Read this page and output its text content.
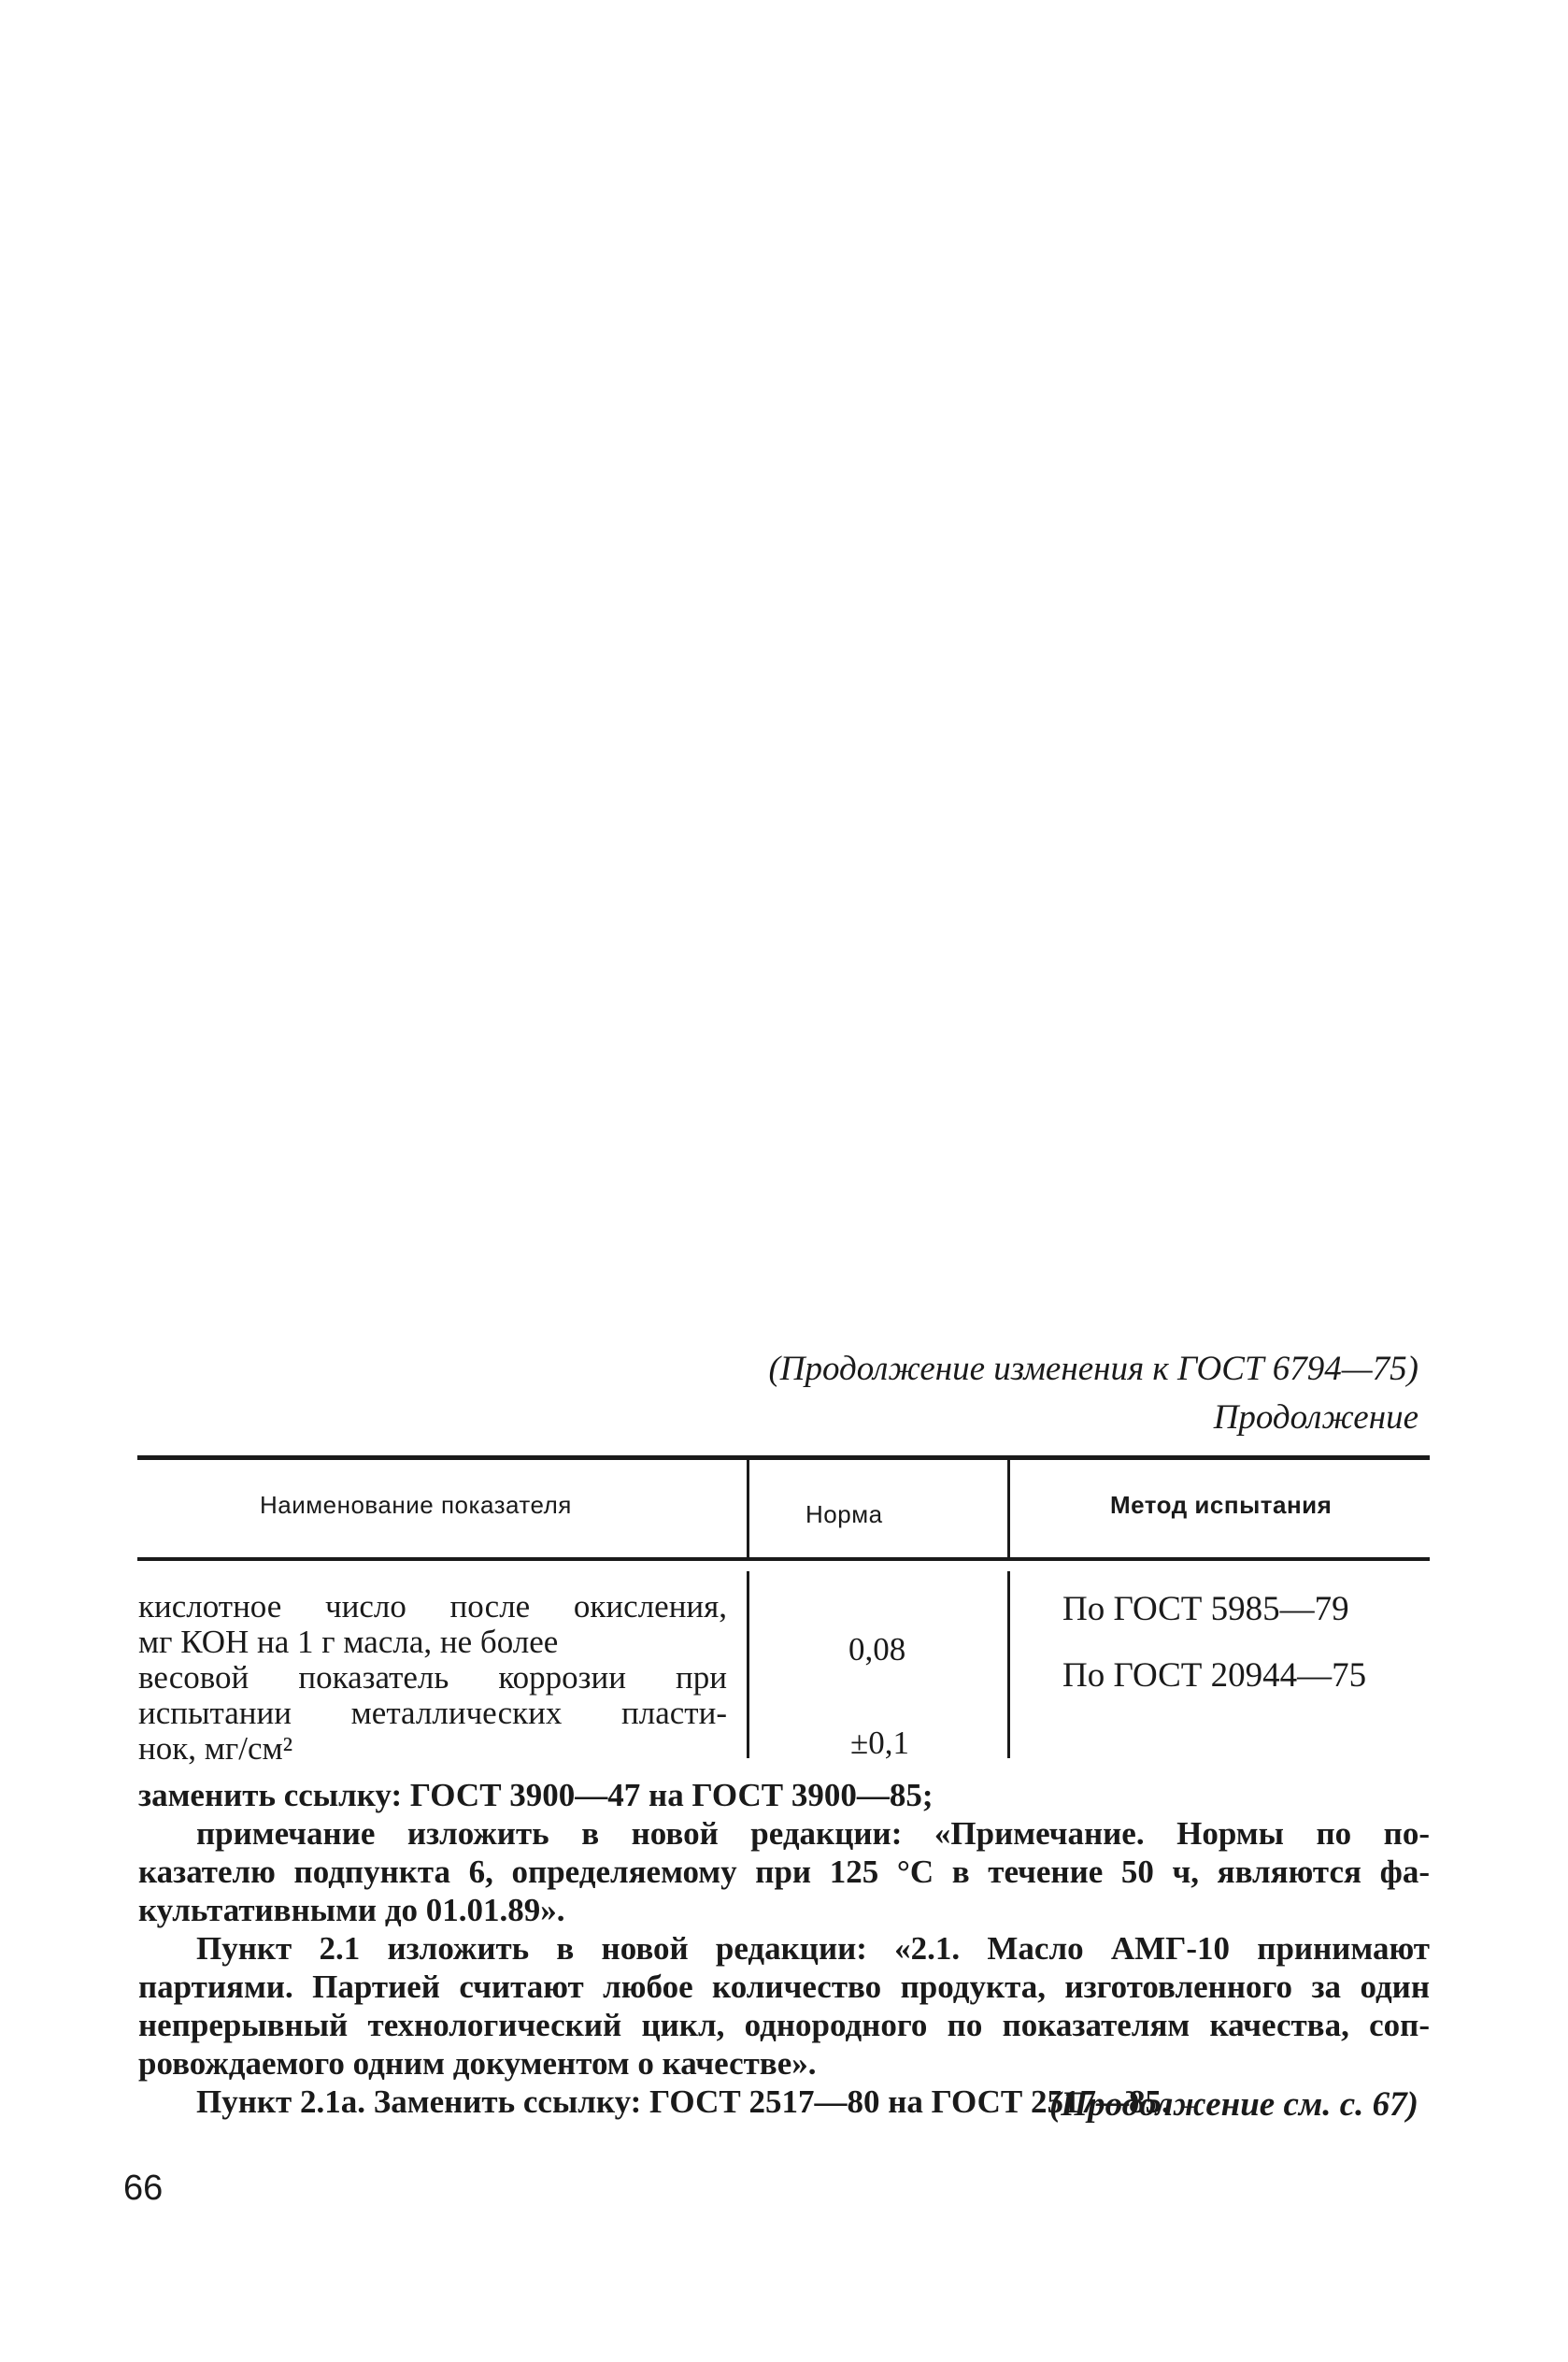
(Продолжение изменения к ГОСТ 6794—75)
Продолжение
Наименование показателя	Норма	Метод испытания
кислотное число после окисления,
мг КОН на 1 г масла, не более
весовой показатель коррозии при
испытании металлических пласти-
нок, мг/см²
0,08
±0,1
По ГОСТ 5985—79
По ГОСТ 20944—75
заменить ссылку: ГОСТ 3900—47 на ГОСТ 3900—85;
примечание изложить в новой редакции: «Примечание. Нормы по по-
казателю подпункта 6, определяемому при 125 °С в течение 50 ч, являются фа-
культативными до 01.01.89».
Пункт 2.1 изложить в новой редакции: «2.1. Масло АМГ-10 принимают
партиями. Партией считают любое количество продукта, изготовленного за один
непрерывный технологический цикл, однородного по показателям качества, соп-
ровождаемого одним документом о качестве».
Пункт 2.1а. Заменить ссылку: ГОСТ 2517—80 на ГОСТ 2517—85.
(Продолжение см. с. 67)
66
